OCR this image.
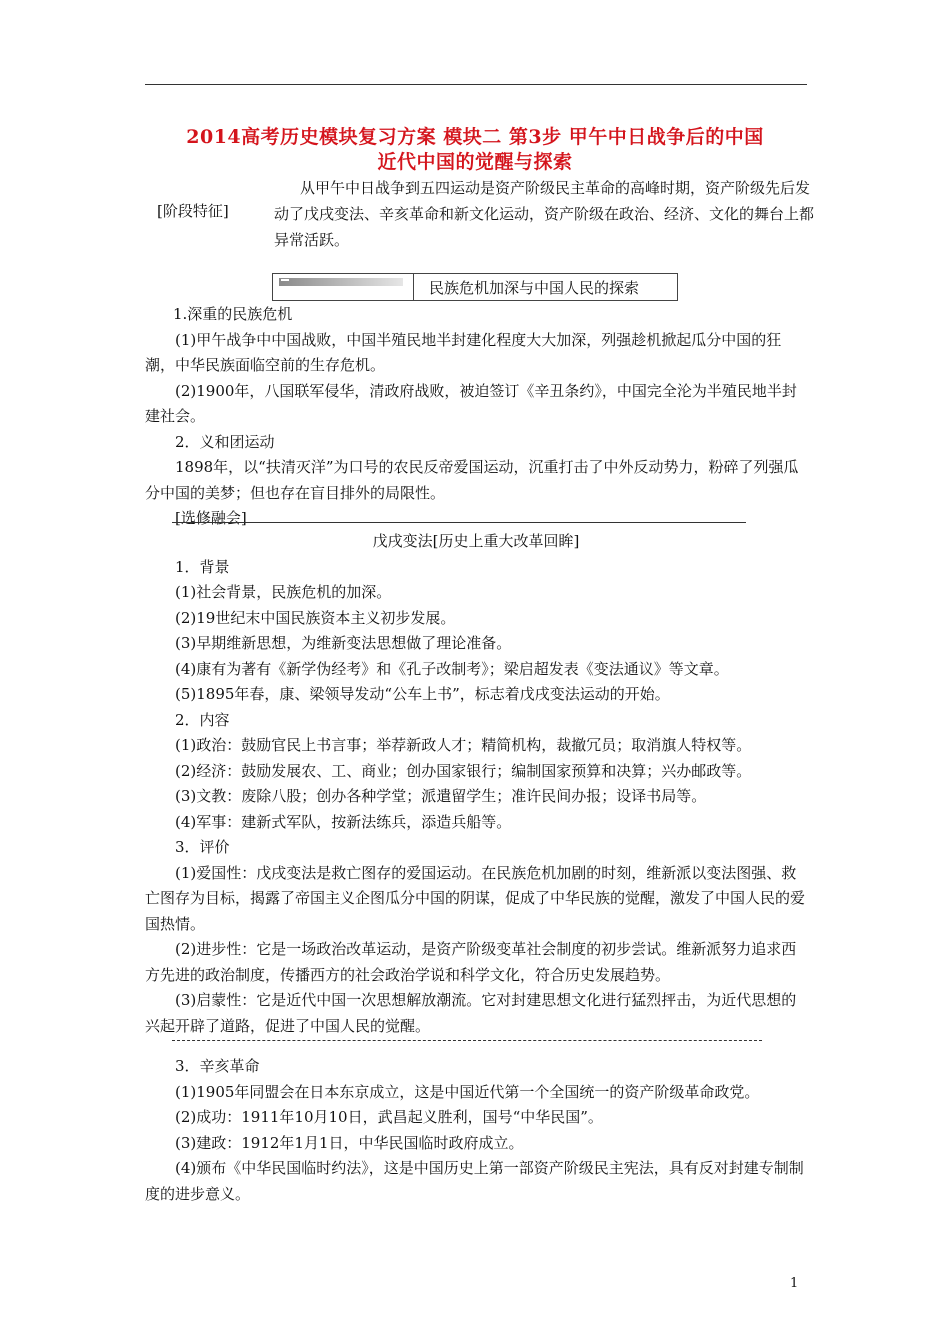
2014高考历史模块复习方案 模块二 第3步 甲午中日战争后的中国
近代中国的觉醒与探索
[阶段特征]
从甲午中日战争到五四运动是资产阶级民主革命的高峰时期，资产阶级先后发动了戊戌变法、辛亥革命和新文化运动，资产阶级在政治、经济、文化的舞台上都异常活跃。
民族危机加深与中国人民的探索

1.深重的民族危机

(1)甲午战争中中国战败，中国半殖民地半封建化程度大大加深，列强趁机掀起瓜分中国的狂潮，中华民族面临空前的生存危机。

(2)1900年，八国联军侵华，清政府战败，被迫签订《辛丑条约》，中国完全沦为半殖民地半封建社会。

2．义和团运动

1898年，以“扶清灭洋”为口号的农民反帝爱国运动，沉重打击了中外反动势力，粉碎了列强瓜分中国的美梦；但也存在盲目排外的局限性。

[选修融会]

戊戌变法[历史上重大改革回眸]

1．背景

(1)社会背景，民族危机的加深。

(2)19世纪末中国民族资本主义初步发展。

(3)早期维新思想，为维新变法思想做了理论准备。

(4)康有为著有《新学伪经考》和《孔子改制考》；梁启超发表《变法通议》等文章。

(5)1895年春，康、梁领导发动“公车上书”，标志着戊戌变法运动的开始。

2．内容

(1)政治：鼓励官民上书言事；举荐新政人才；精简机构，裁撤冗员；取消旗人特权等。

(2)经济：鼓励发展农、工、商业；创办国家银行；编制国家预算和决算；兴办邮政等。

(3)文教：废除八股；创办各种学堂；派遣留学生；准许民间办报；设译书局等。

(4)军事：建新式军队，按新法练兵，添造兵船等。

3．评价

(1)爱国性：戊戌变法是救亡图存的爱国运动。在民族危机加剧的时刻，维新派以变法图强、救亡图存为目标，揭露了帝国主义企图瓜分中国的阴谋，促成了中华民族的觉醒，激发了中国人民的爱国热情。

(2)进步性：它是一场政治改革运动，是资产阶级变革社会制度的初步尝试。维新派努力追求西方先进的政治制度，传播西方的社会政治学说和科学文化，符合历史发展趋势。

(3)启蒙性：它是近代中国一次思想解放潮流。它对封建思想文化进行猛烈抨击，为近代思想的兴起开辟了道路，促进了中国人民的觉醒。

3．辛亥革命

(1)1905年同盟会在日本东京成立，这是中国近代第一个全国统一的资产阶级革命政党。

(2)成功：1911年10月10日，武昌起义胜利，国号“中华民国”。

(3)建政：1912年1月1日，中华民国临时政府成立。

(4)颁布《中华民国临时约法》，这是中国历史上第一部资产阶级民主宪法，具有反对封建专制制度的进步意义。

1
